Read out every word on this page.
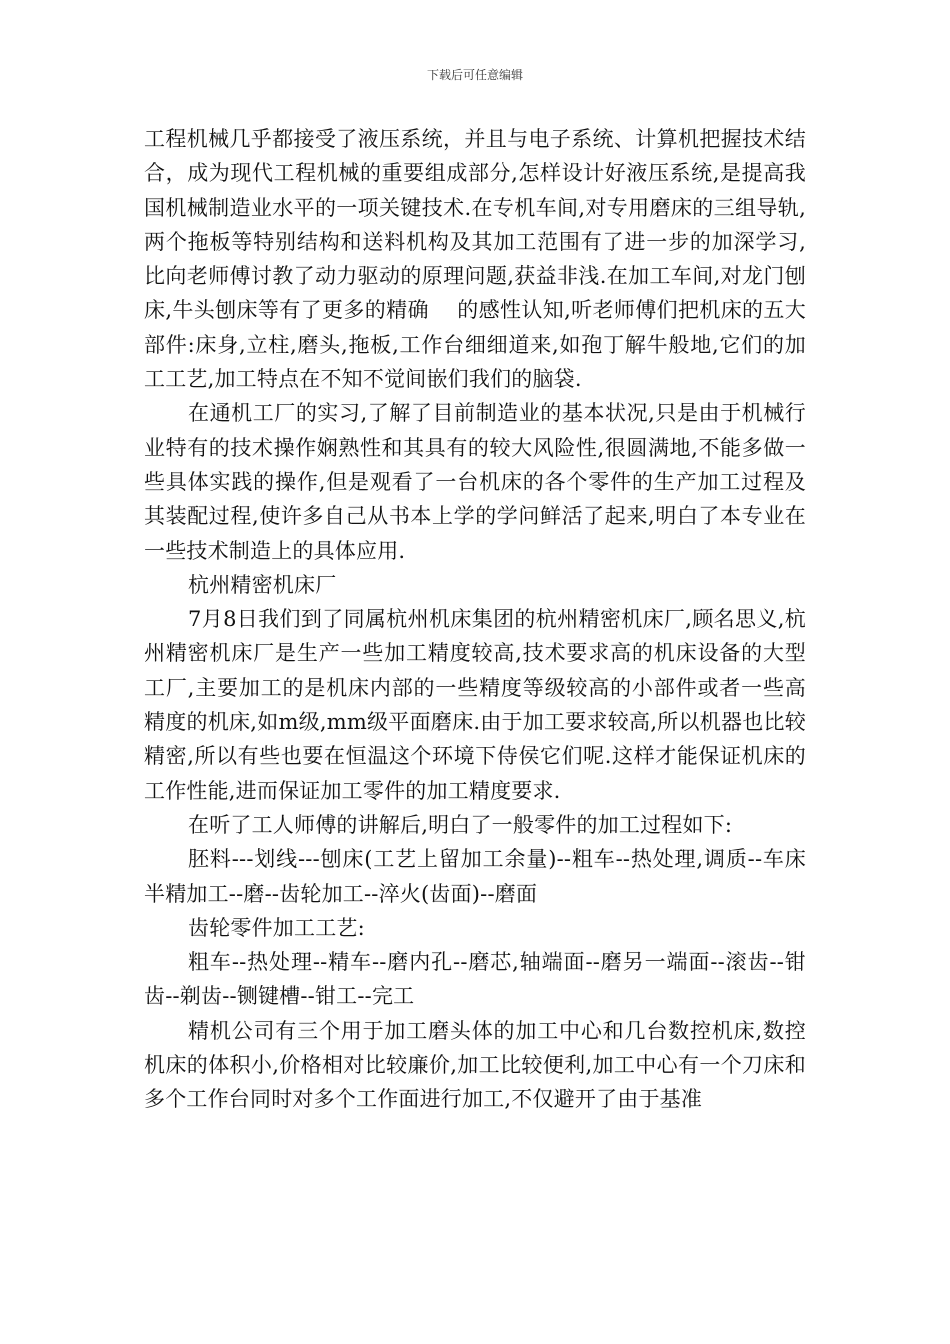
下载后可任意编辑

工程机械几乎都接受了液压系统，并且与电子系统、计算机把握技术结合，成为现代工程机械的重要组成部分,怎样设计好液压系统,是提高我国机械制造业水平的一项关键技术.在专机车间,对专用磨床的三组导轨,两个拖板等特别结构和送料机构及其加工范围有了进一步的加深学习,比向老师傅讨教了动力驱动的原理问题,获益非浅.在加工车间,对龙门刨床,牛头刨床等有了更多的精确　 的感性认知,听老师傅们把机床的五大部件:床身,立柱,磨头,拖板,工作台细细道来,如孢丁解牛般地,它们的加工工艺,加工特点在不知不觉间嵌们我们的脑袋.

在通机工厂的实习,了解了目前制造业的基本状况,只是由于机械行业特有的技术操作娴熟性和其具有的较大风险性,很圆满地,不能多做一些具体实践的操作,但是观看了一台机床的各个零件的生产加工过程及其装配过程,使许多自己从书本上学的学问鲜活了起来,明白了本专业在一些技术制造上的具体应用.

杭州精密机床厂

7月8日我们到了同属杭州机床集团的杭州精密机床厂,顾名思义,杭州精密机床厂是生产一些加工精度较高,技术要求高的机床设备的大型工厂,主要加工的是机床内部的一些精度等级较高的小部件或者一些高精度的机床,如m级,mm级平面磨床.由于加工要求较高,所以机器也比较精密,所以有些也要在恒温这个环境下侍侯它们呢.这样才能保证机床的工作性能,进而保证加工零件的加工精度要求.

在听了工人师傅的讲解后,明白了一般零件的加工过程如下:

胚料---划线---刨床(工艺上留加工余量)--粗车--热处理,调质--车床半精加工--磨--齿轮加工--淬火(齿面)--磨面

齿轮零件加工工艺:

粗车--热处理--精车--磨内孔--磨芯,轴端面--磨另一端面--滚齿--钳齿--剃齿--铡键槽--钳工--完工

精机公司有三个用于加工磨头体的加工中心和几台数控机床,数控机床的体积小,价格相对比较廉价,加工比较便利,加工中心有一个刀床和多个工作台同时对多个工作面进行加工,不仅避开了由于基准
